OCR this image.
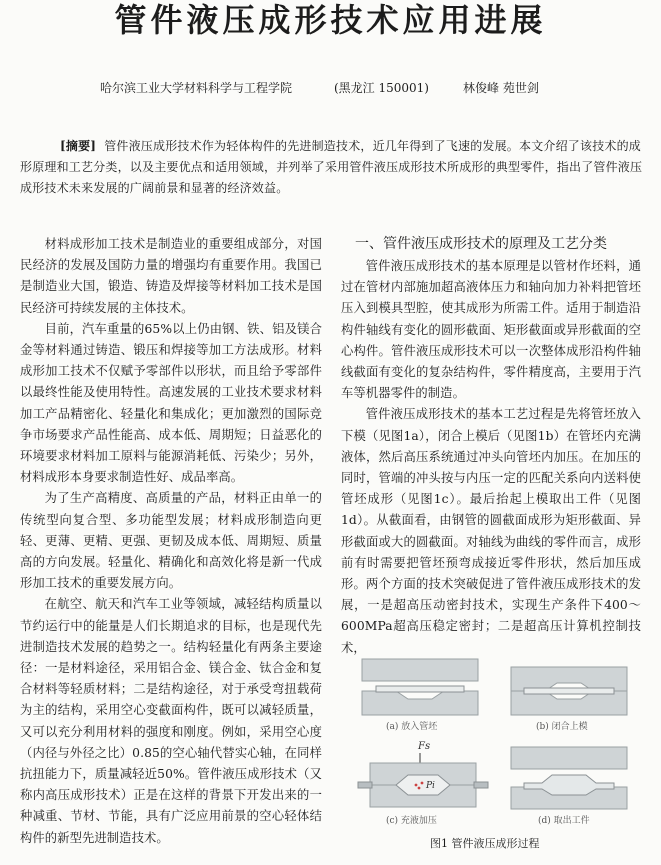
管件液压成形技术应用进展
哈尔滨工业大学材料科学与工程学院	(黑龙江 150001)	林俊峰 苑世剑

[摘要] 管件液压成形技术作为轻体构件的先进制造技术，近几年得到了飞速的发展。本文介绍了该技术的成形原理和工艺分类，以及主要优点和适用领域，并列举了采用管件液压成形技术所成形的典型零件，指出了管件液压成形技术未来发展的广阔前景和显著的经济效益。

材料成形加工技术是制造业的重要组成部分，对国民经济的发展及国防力量的增强均有重要作用。我国已是制造业大国，锻造、铸造及焊接等材料加工技术是国民经济可持续发展的主体技术。

目前，汽车重量的65%以上仍由钢、铁、铝及镁合金等材料通过铸造、锻压和焊接等加工方法成形。材料成形加工技术不仅赋予零部件以形状，而且给予零部件以最终性能及使用特性。高速发展的工业技术要求材料加工产品精密化、轻量化和集成化；更加激烈的国际竞争市场要求产品性能高、成本低、周期短；日益恶化的环境要求材料加工原料与能源消耗低、污染少；另外，材料成形本身要求制造性好、成品率高。

为了生产高精度、高质量的产品，材料正由单一的传统型向复合型、多功能型发展；材料成形制造向更轻、更薄、更精、更强、更韧及成本低、周期短、质量高的方向发展。轻量化、精确化和高效化将是新一代成形加工技术的重要发展方向。

在航空、航天和汽车工业等领域，减轻结构质量以节约运行中的能量是人们长期追求的目标，也是现代先进制造技术发展的趋势之一。结构轻量化有两条主要途径：一是材料途径，采用铝合金、镁合金、钛合金和复合材料等轻质材料；二是结构途径，对于承受弯扭载荷为主的结构，采用空心变截面构件，既可以减轻质量，又可以充分利用材料的强度和刚度。例如，采用空心度（内径与外径之比）0.85的空心轴代替实心轴，在同样抗扭能力下，质量减轻近50%。管件液压成形技术（又称内高压成形技术）正是在这样的背景下开发出来的一种减重、节材、节能，具有广泛应用前景的空心轻体结构件的新型先进制造技术。

一、管件液压成形技术的原理及工艺分类

管件液压成形技术的基本原理是以管材作坯料，通过在管材内部施加超高液体压力和轴向加力补料把管坯压入到模具型腔，使其成形为所需工件。适用于制造沿构件轴线有变化的圆形截面、矩形截面或异形截面的空心构件。管件液压成形技术可以一次整体成形沿构件轴线截面有变化的复杂结构件，零件精度高，主要用于汽车等机器零件的制造。

管件液压成形技术的基本工艺过程是先将管坯放入下模（见图1a），闭合上模后（见图1b）在管坯内充满液体，然后高压系统通过冲头向管坯内加压。在加压的同时，管端的冲头按与内压一定的匹配关系向内送料使管坯成形（见图1c）。最后抬起上模取出工件（见图1d）。从截面看，由钢管的圆截面成形为矩形截面、异形截面或大的圆截面。对轴线为曲线的零件而言，成形前有时需要把管坯预弯成接近零件形状，然后加压成形。两个方面的技术突破促进了管件液压成形技术的发展，一是超高压动密封技术，实现生产条件下400～600MPa超高压稳定密封；二是超高压计算机控制技术，

(a) 放入管坯	(b) 闭合上模
Fs
Pi
(c) 充液加压	(d) 取出工件
图1 管件液压成形过程
